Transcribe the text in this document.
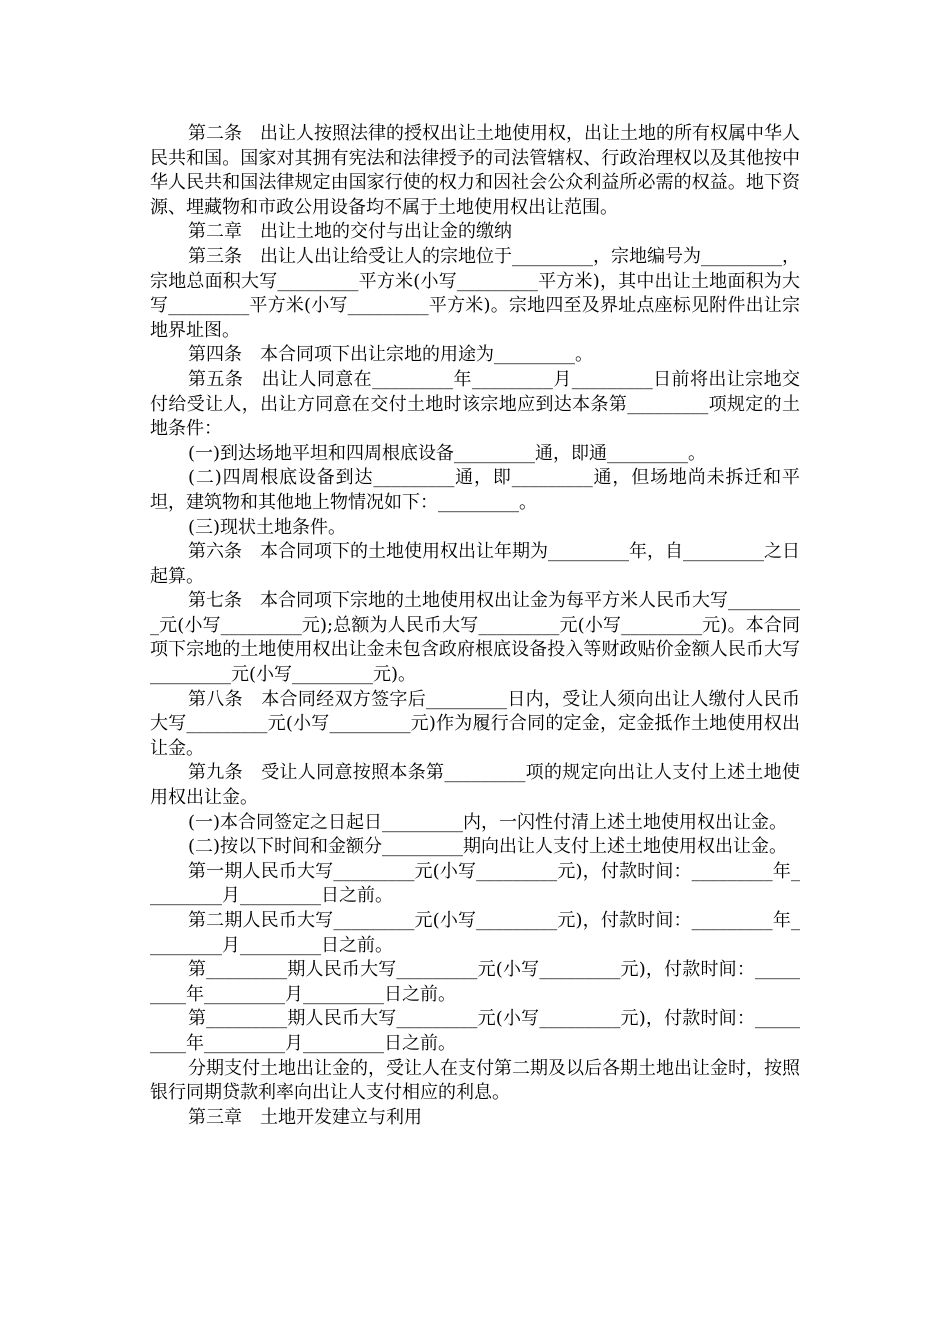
第二条　出让人按照法律的授权出让土地使用权，出让土地的所有权属中华人民共和国。国家对其拥有宪法和法律授予的司法管辖权、行政治理权以及其他按中华人民共和国法律规定由国家行使的权力和因社会公众利益所必需的权益。地下资源、埋藏物和市政公用设备均不属于土地使用权出让范围。

第二章　出让土地的交付与出让金的缴纳

第三条　出让人出让给受让人的宗地位于_________，宗地编号为_________，宗地总面积大写_________平方米(小写_________平方米)，其中出让土地面积为大写_________平方米(小写_________平方米)。宗地四至及界址点座标见附件出让宗地界址图。

第四条　本合同项下出让宗地的用途为_________。

第五条　出让人同意在_________年_________月_________日前将出让宗地交付给受让人，出让方同意在交付土地时该宗地应到达本条第_________项规定的土地条件：

(一)到达场地平坦和四周根底设备_________通，即通_________。

(二)四周根底设备到达_________通，即_________通，但场地尚未拆迁和平坦，建筑物和其他地上物情况如下：_________。

(三)现状土地条件。

第六条　本合同项下的土地使用权出让年期为_________年，自_________之日起算。

第七条　本合同项下宗地的土地使用权出让金为每平方米人民币大写_________元(小写_________元);总额为人民币大写_________元(小写_________元)。本合同项下宗地的土地使用权出让金未包含政府根底设备投入等财政贴价金额人民币大写_________元(小写_________元)。

第八条　本合同经双方签字后_________日内，受让人须向出让人缴付人民币大写_________元(小写_________元)作为履行合同的定金，定金抵作土地使用权出让金。

第九条　受让人同意按照本条第_________项的规定向出让人支付上述土地使用权出让金。

(一)本合同签定之日起日_________内，一闪性付清上述土地使用权出让金。

(二)按以下时间和金额分_________期向出让人支付上述土地使用权出让金。

第一期人民币大写_________元(小写_________元)，付款时间：_________年_________月_________日之前。

第二期人民币大写_________元(小写_________元)，付款时间：_________年_________月_________日之前。

第_________期人民币大写_________元(小写_________元)，付款时间：_________年_________月_________日之前。

第_________期人民币大写_________元(小写_________元)，付款时间：_________年_________月_________日之前。

分期支付土地出让金的，受让人在支付第二期及以后各期土地出让金时，按照银行同期贷款利率向出让人支付相应的利息。

第三章　土地开发建立与利用
